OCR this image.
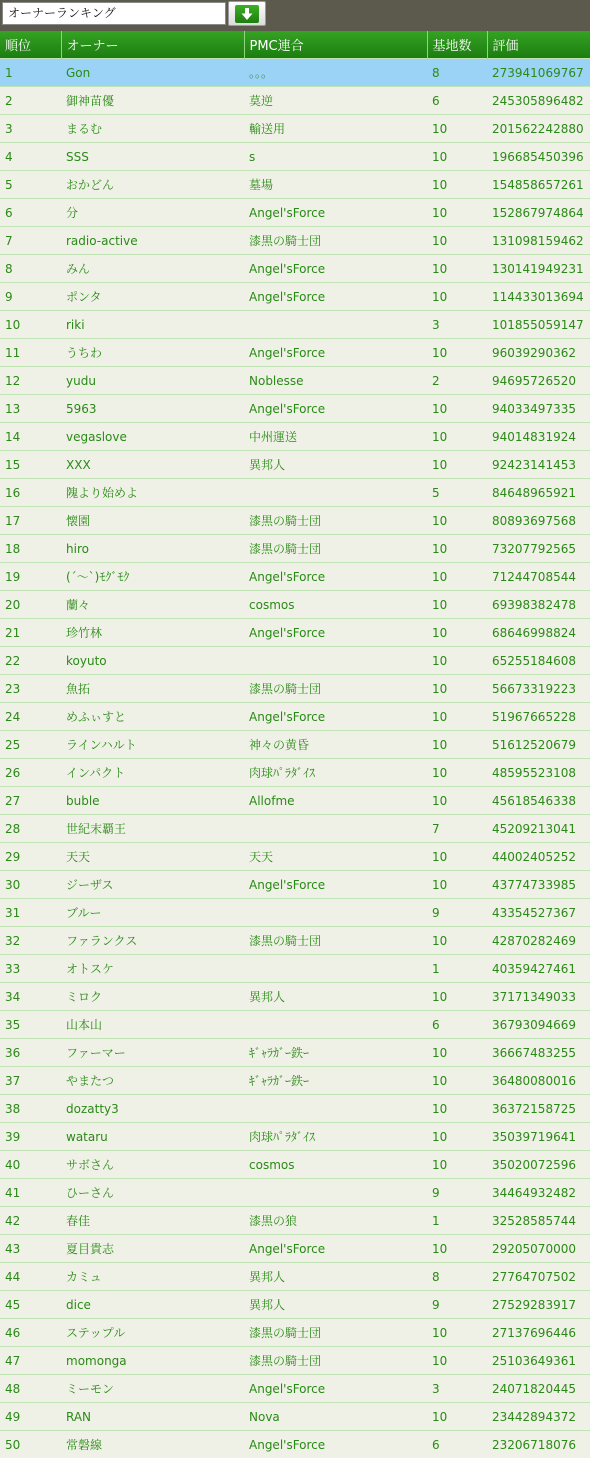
オーナーランキング
順位	オーナー	PMC連合	基地数	評価
1	Gon	。。。	8	273941069767
2	御神苗優	莫逆	6	245305896482
3	まるむ	輸送用	10	201562242880
4	SSS	s	10	196685450396
5	おかどん	墓場	10	154858657261
6	分	Angel'sForce	10	152867974864
7	radio-active	漆黒の騎士団	10	131098159462
8	みん	Angel'sForce	10	130141949231
9	ポンタ	Angel'sForce	10	114433013694
10	riki		3	101855059147
11	うちわ	Angel'sForce	10	96039290362
12	yudu	Noblesse	2	94695726520
13	5963	Angel'sForce	10	94033497335
14	vegaslove	中州運送	10	94014831924
15	XXX	異邦人	10	92423141453
16	隗より始めよ		5	84648965921
17	懐園	漆黒の騎士団	10	80893697568
18	hiro	漆黒の騎士団	10	73207792565
19	(´～`)ﾓｸﾞﾓｸ	Angel'sForce	10	71244708544
20	蘭々	cosmos	10	69398382478
21	珍竹林	Angel'sForce	10	68646998824
22	koyuto		10	65255184608
23	魚拓	漆黒の騎士団	10	56673319223
24	めふぃすと	Angel'sForce	10	51967665228
25	ラインハルト	神々の黄昏	10	51612520679
26	インパクト	肉球ﾊﾟﾗﾀﾞｲｽ	10	48595523108
27	buble	Allofme	10	45618546338
28	世紀末覇王		7	45209213041
29	天天	天天	10	44002405252
30	ジーザス	Angel'sForce	10	43774733985
31	ブルー		9	43354527367
32	ファランクス	漆黒の騎士団	10	42870282469
33	オトスケ		1	40359427461
34	ミロク	異邦人	10	37171349033
35	山本山		6	36793094669
36	ファーマー	ｷﾞｬﾗｶﾞｰ鉄ｰ	10	36667483255
37	やまたつ	ｷﾞｬﾗｶﾞｰ鉄ｰ	10	36480080016
38	dozatty3		10	36372158725
39	wataru	肉球ﾊﾟﾗﾀﾞｲｽ	10	35039719641
40	サボさん	cosmos	10	35020072596
41	ひーさん		9	34464932482
42	春佳	漆黒の狼	1	32528585744
43	夏目貴志	Angel'sForce	10	29205070000
44	カミュ	異邦人	8	27764707502
45	dice	異邦人	9	27529283917
46	ステップル	漆黒の騎士団	10	27137696446
47	momonga	漆黒の騎士団	10	25103649361
48	ミーモン	Angel'sForce	3	24071820445
49	RAN	Nova	10	23442894372
50	常磐線	Angel'sForce	6	23206718076
